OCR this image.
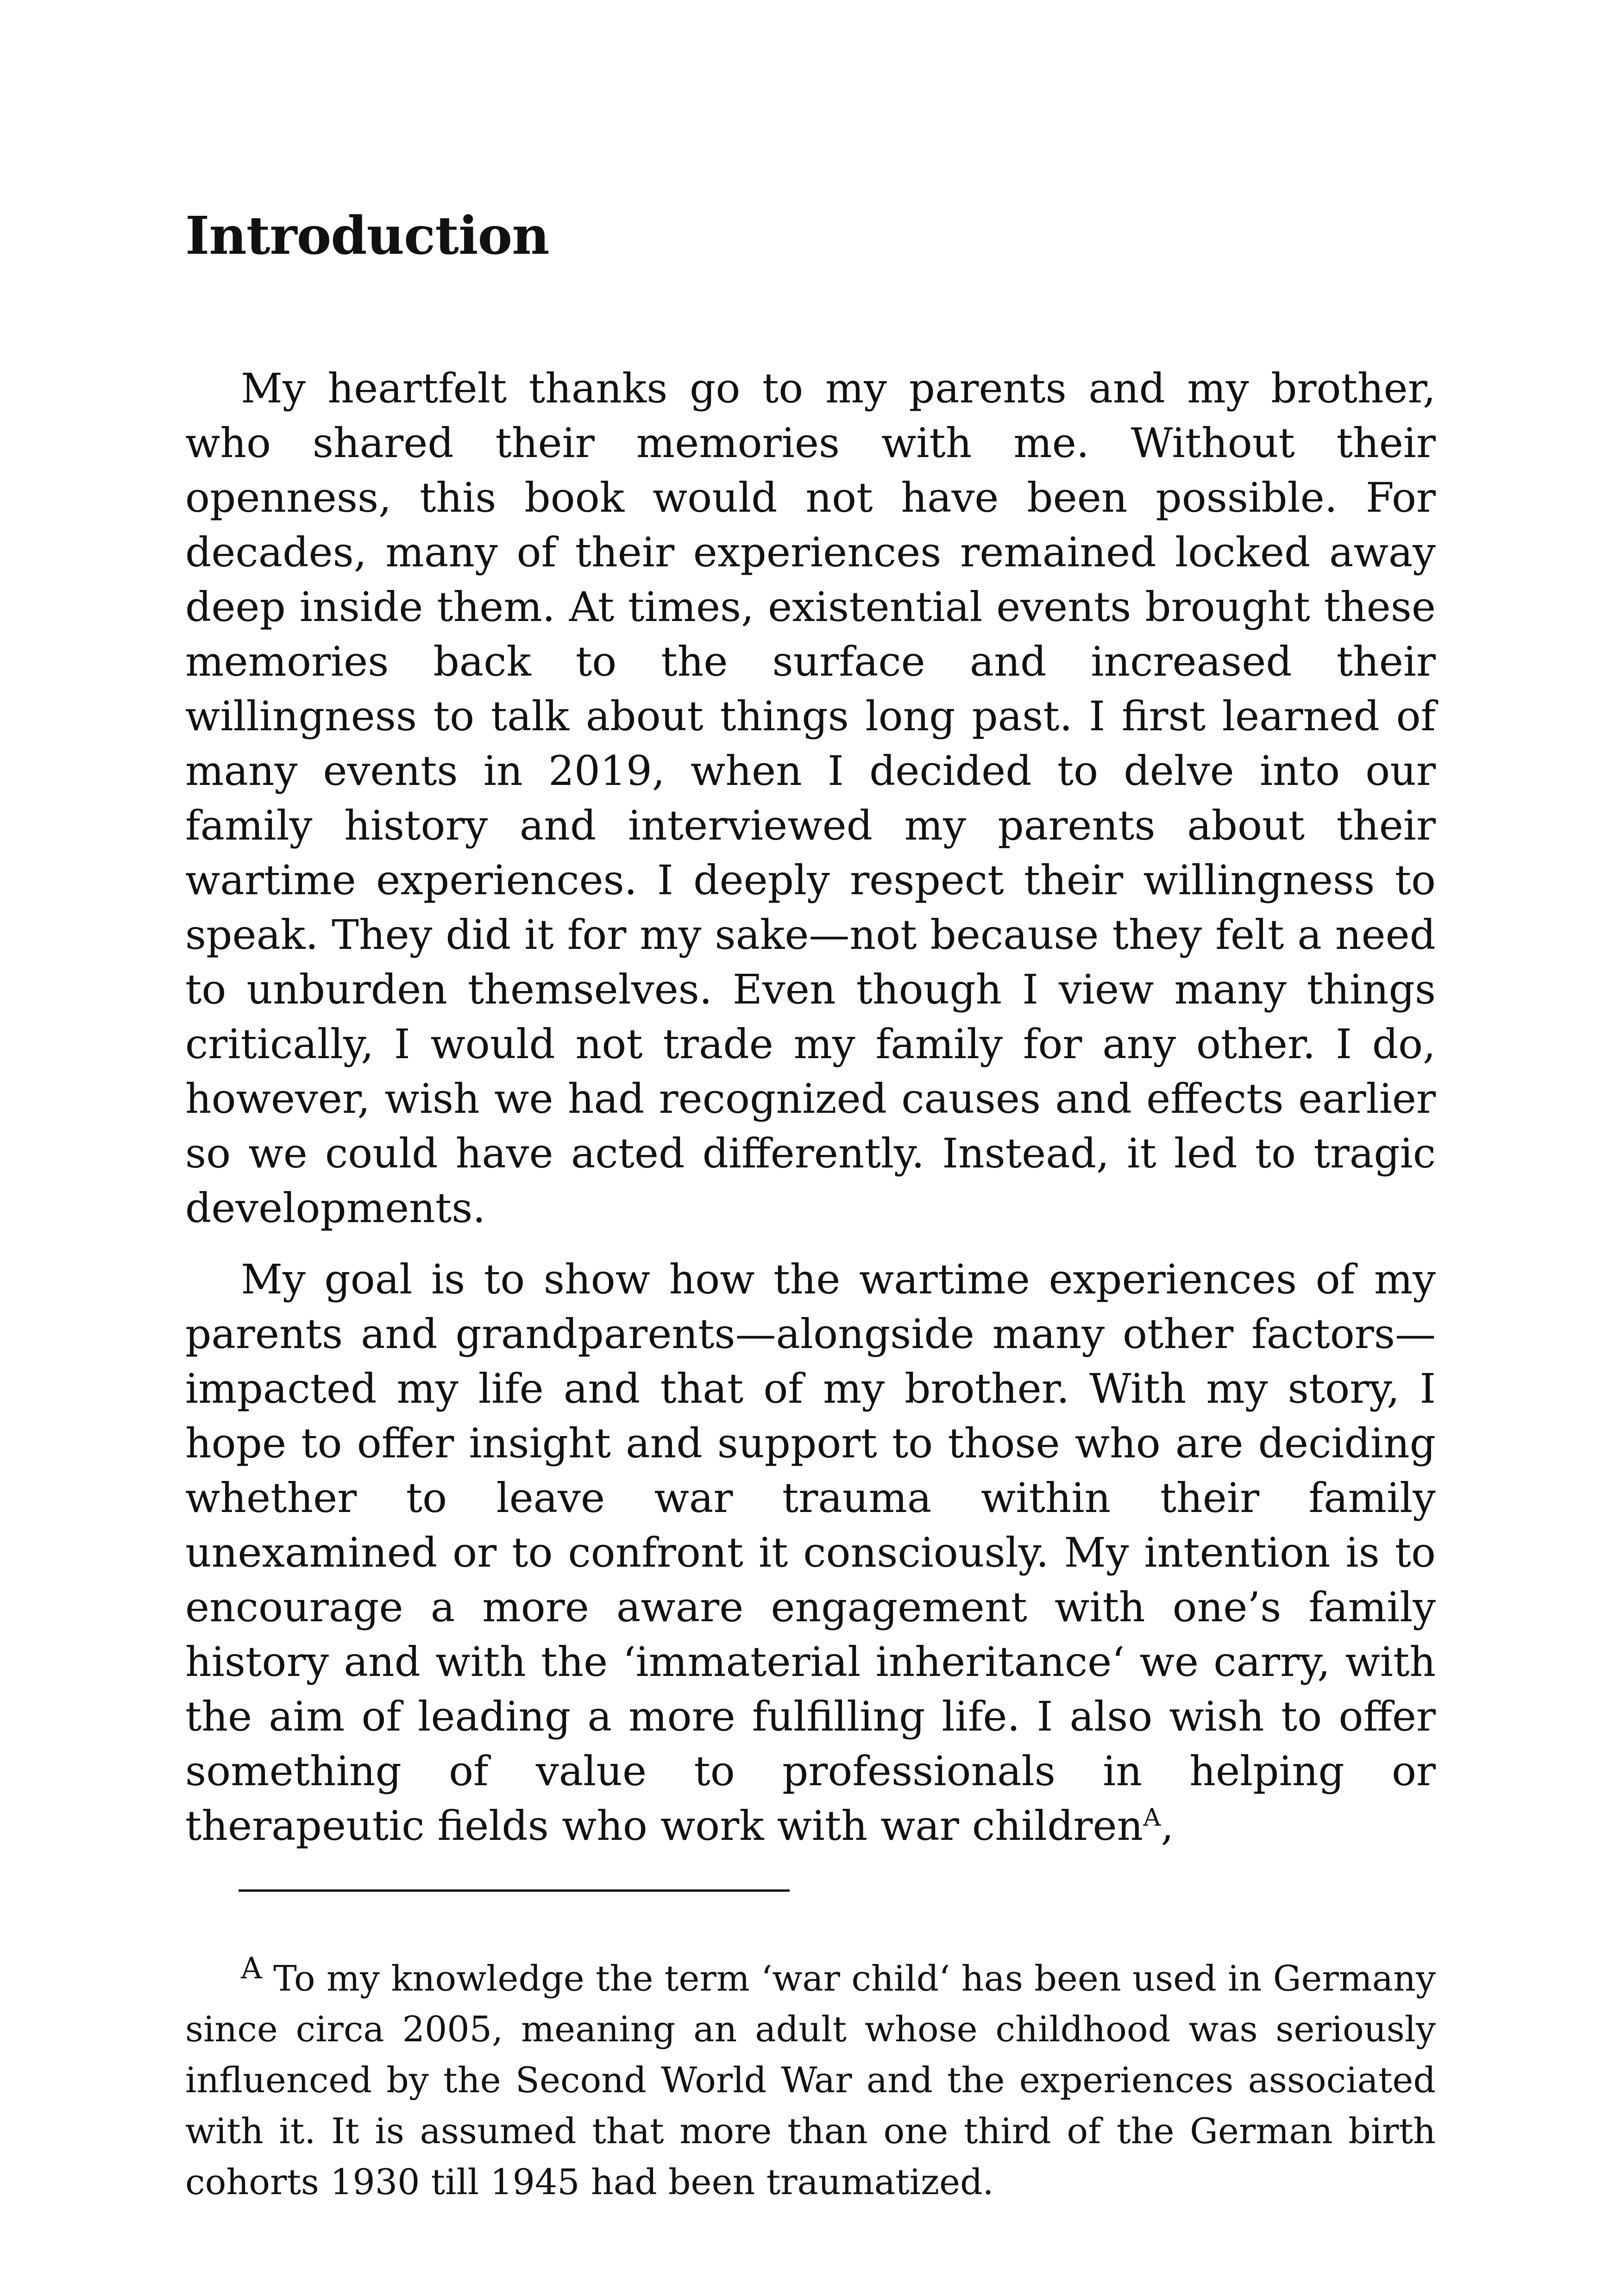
Introduction

My heartfelt thanks go to my parents and my brother, who shared their memories with me. Without their openness, this book would not have been possible. For decades, many of their experiences remained locked away deep inside them. At times, existential events brought these memories back to the surface and increased their willingness to talk about things long past. I first learned of many events in 2019, when I decided to delve into our family history and interviewed my parents about their wartime experiences. I deeply respect their willingness to speak. They did it for my sake—not because they felt a need to unburden themselves. Even though I view many things critically, I would not trade my family for any other. I do, however, wish we had recognized causes and effects earlier so we could have acted differently. Instead, it led to tragic developments.

My goal is to show how the wartime experiences of my parents and grandparents—alongside many other factors—impacted my life and that of my brother. With my story, I hope to offer insight and support to those who are deciding whether to leave war trauma within their family unexamined or to confront it consciously. My intention is to encourage a more aware engagement with one’s family history and with the ‘immaterial inheritance‘ we carry, with the aim of leading a more fulfilling life. I also wish to offer something of value to professionals in helping or therapeutic fields who work with war children$^A$,

$^A$ To my knowledge the term ‘war child‘ has been used in Germany since circa 2005, meaning an adult whose childhood was seriously influenced by the Second World War and the experiences associated with it. It is assumed that more than one third of the German birth cohorts 1930 till 1945 had been traumatized.
